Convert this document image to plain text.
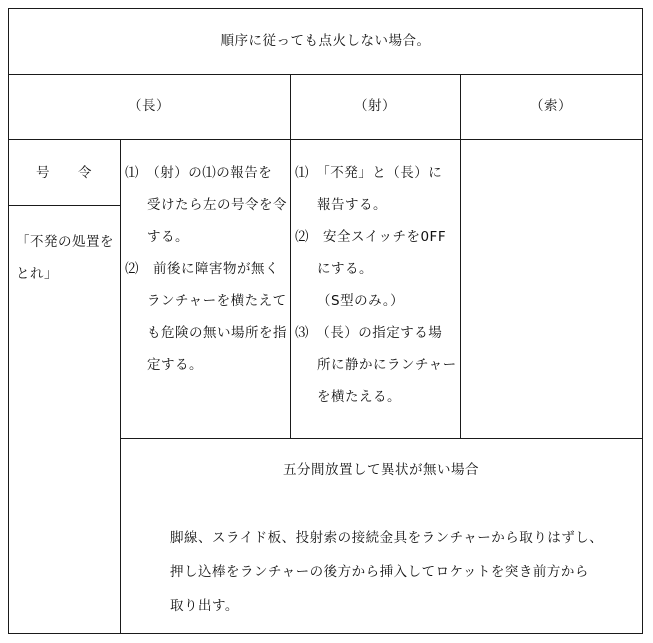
順序に従っても点火しない場合。
（長）	（射）	（索）
号　　令
「不発の処置を
とれ」
⑴　（射）の⑴の報告を
受けたら左の号令を令
する。
⑵　前後に障害物が無く
ランチャーを横たえて
も危険の無い場所を指
定する。
⑴　「不発」と（長）に
報告する。
⑵　安全スイッチを0FF
にする。
（S型のみ。）
⑶　（長）の指定する場
所に静かにランチャー
を横たえる。
五分間放置して異状が無い場合
脚線、スライド板、投射索の接続金具をランチャーから取りはずし、
押し込棒をランチャーの後方から挿入してロケットを突き前方から
取り出す。
